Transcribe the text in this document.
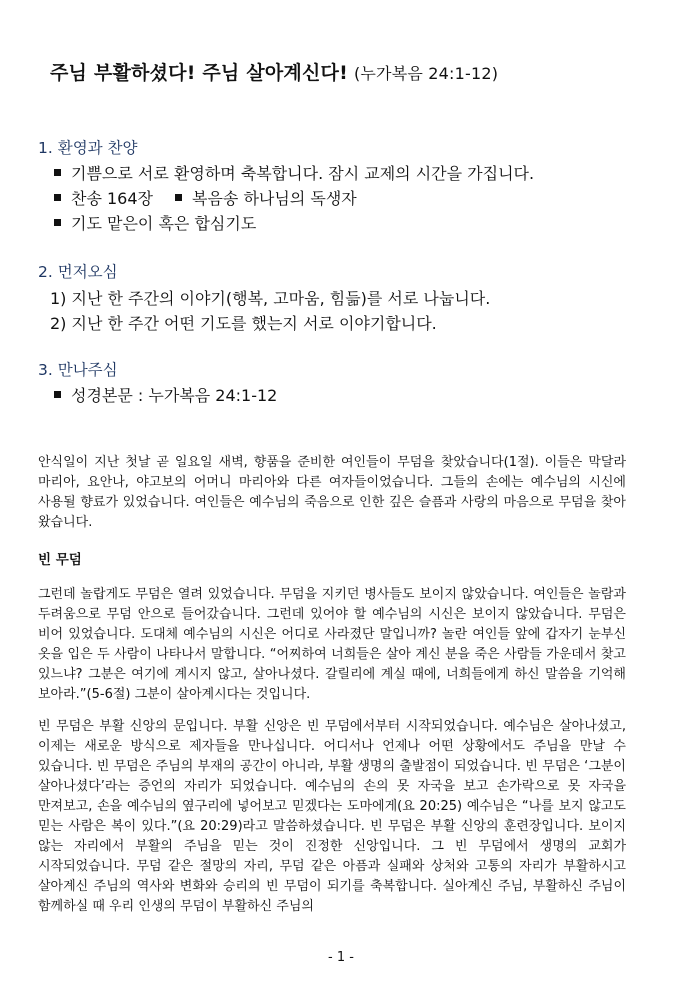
주님 부활하셨다! 주님 살아계신다! (누가복음 24:1-12)
1. 환영과 찬양
기쁨으로 서로 환영하며 축복합니다. 잠시 교제의 시간을 가집니다.
찬송 164장 복음송 하나님의 독생자
기도 맡은이 혹은 합심기도
2. 먼저오심
1) 지난 한 주간의 이야기(행복, 고마움, 힘듦)를 서로 나눕니다.
2) 지난 한 주간 어떤 기도를 했는지 서로 이야기합니다.
3. 만나주심
성경본문 : 누가복음 24:1-12
안식일이 지난 첫날 곧 일요일 새벽, 향품을 준비한 여인들이 무덤을 찾았습니다(1절). 이들은 막달라 마리아, 요안나, 야고보의 어머니 마리아와 다른 여자들이었습니다. 그들의 손에는 예수님의 시신에 사용될 향료가 있었습니다. 여인들은 예수님의 죽음으로 인한 깊은 슬픔과 사랑의 마음으로 무덤을 찾아 왔습니다.
빈 무덤
그런데 놀랍게도 무덤은 열려 있었습니다. 무덤을 지키던 병사들도 보이지 않았습니다. 여인들은 놀람과 두려움으로 무덤 안으로 들어갔습니다. 그런데 있어야 할 예수님의 시신은 보이지 않았습니다. 무덤은 비어 있었습니다. 도대체 예수님의 시신은 어디로 사라졌단 말입니까? 놀란 여인들 앞에 갑자기 눈부신 옷을 입은 두 사람이 나타나서 말합니다. “어찌하여 너희들은 살아 계신 분을 죽은 사람들 가운데서 찾고 있느냐? 그분은 여기에 계시지 않고, 살아나셨다. 갈릴리에 계실 때에, 너희들에게 하신 말씀을 기억해 보아라.”(5-6절) 그분이 살아계시다는 것입니다.
빈 무덤은 부활 신앙의 문입니다. 부활 신앙은 빈 무덤에서부터 시작되었습니다. 예수님은 살아나셨고, 이제는 새로운 방식으로 제자들을 만나십니다. 어디서나 언제나 어떤 상황에서도 주님을 만날 수 있습니다. 빈 무덤은 주님의 부재의 공간이 아니라, 부활 생명의 출발점이 되었습니다. 빈 무덤은 ‘그분이 살아나셨다’라는 증언의 자리가 되었습니다. 예수님의 손의 못 자국을 보고 손가락으로 못 자국을 만져보고, 손을 예수님의 옆구리에 넣어보고 믿겠다는 도마에게(요 20:25) 예수님은 “나를 보지 않고도 믿는 사람은 복이 있다.”(요 20:29)라고 말씀하셨습니다. 빈 무덤은 부활 신앙의 훈련장입니다. 보이지 않는 자리에서 부활의 주님을 믿는 것이 진정한 신앙입니다. 그 빈 무덤에서 생명의 교회가 시작되었습니다. 무덤 같은 절망의 자리, 무덤 같은 아픔과 실패와 상처와 고통의 자리가 부활하시고 살아계신 주님의 역사와 변화와 승리의 빈 무덤이 되기를 축복합니다. 실아계신 주님, 부활하신 주님이 함께하실 때 우리 인생의 무덤이 부활하신 주님의
- 1 -
